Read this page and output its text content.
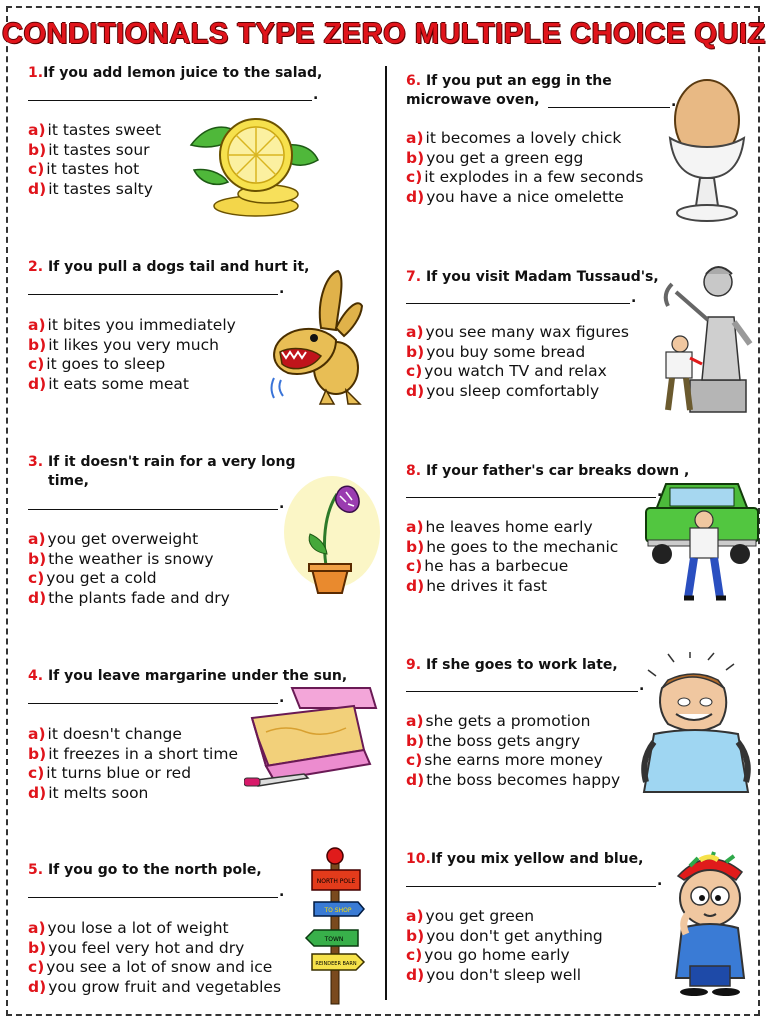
CONDITIONALS TYPE ZERO MULTIPLE CHOICE QUIZ
1.If you add lemon juice to the salad,
.
a) it tastes sweet
b) it tastes sour
c) it tastes hot
d) it tastes salty
2. If you pull a dogs tail and hurt it,
.
a) it bites you immediately
b) it likes you very much
c) it goes to sleep
d) it eats some meat
3. If it doesn't rain for a very long
time,
.
a) you get overweight
b) the weather is snowy
c) you get a cold
d) the plants fade and dry
4. If you leave margarine under the sun,
.
a) it doesn't change
b) it freezes in a short time
c) it turns blue or red
d) it melts soon
5. If you go to the north pole,
.
a) you lose a lot of weight
b) you feel very hot and dry
c) you see a lot of snow and ice
d) you grow fruit and vegetables
6. If you put an egg in the
microwave oven,	.
a) it becomes a lovely chick
b) you get a green egg
c) it explodes in a few seconds
d) you have a nice omelette
7. If you visit Madam Tussaud's,
.
a) you see many wax figures
b) you buy some bread
c) you watch TV and relax
d) you sleep comfortably
8. If your father's car breaks down ,
.
a) he leaves home early
b) he goes to the mechanic
c) he has a barbecue
d) he drives it fast
9. If she goes to work late,
.
a) she gets a promotion
b) the boss gets angry
c) she earns more money
d) the boss becomes happy
10.If you mix yellow and blue,
.
a) you get green
b) you don't get anything
c) you go home early
d) you don't sleep well
NORTH POLE
TO SHOP
TOWN
REINDEER BARN
